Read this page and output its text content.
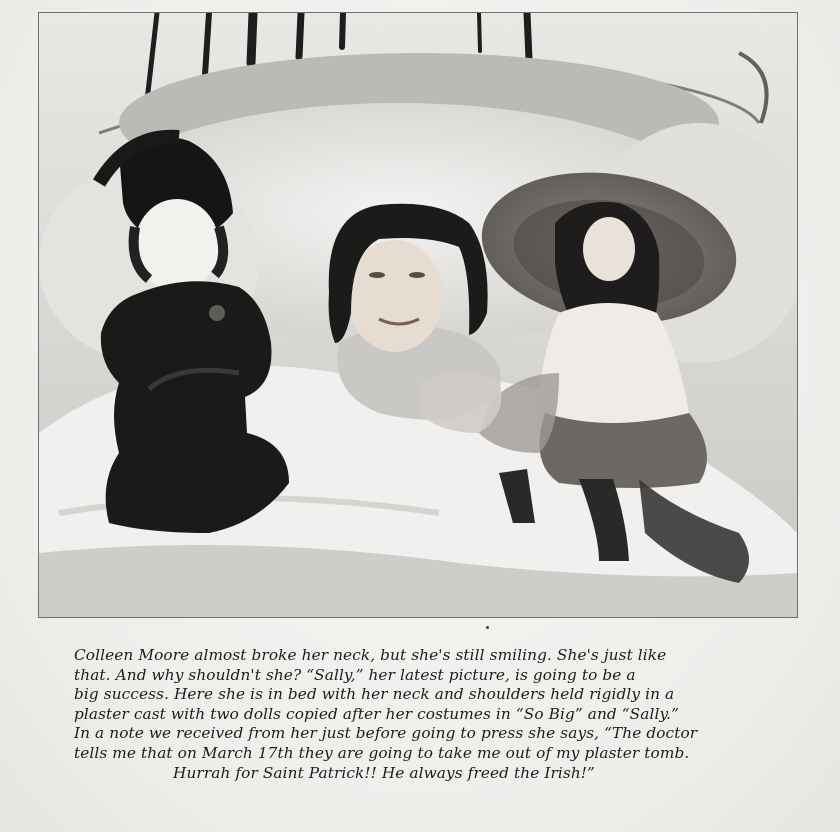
Colleen Moore almost broke her neck, but she's still smiling. She's just like
that. And why shouldn't she? “Sally,” her latest picture, is going to be a
big success. Here she is in bed with her neck and shoulders held rigidly in a
plaster cast with two dolls copied after her costumes in “So Big” and “Sally.”
In a note we received from her just before going to press she says, “The doctor
tells me that on March 17th they are going to take me out of my plaster tomb.
Hurrah for Saint Patrick!! He always freed the Irish!”
